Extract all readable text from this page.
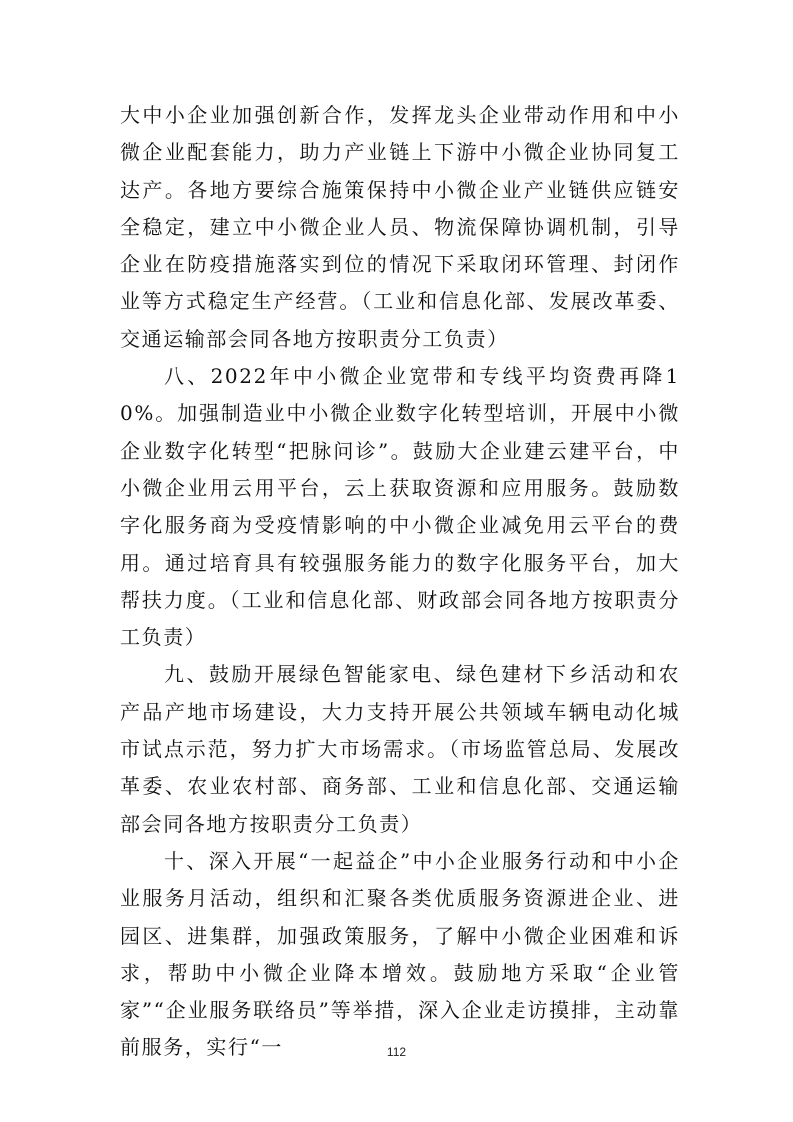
大中小企业加强创新合作，发挥龙头企业带动作用和中小微企业配套能力，助力产业链上下游中小微企业协同复工达产。各地方要综合施策保持中小微企业产业链供应链安全稳定，建立中小微企业人员、物流保障协调机制，引导企业在防疫措施落实到位的情况下采取闭环管理、封闭作业等方式稳定生产经营。（工业和信息化部、发展改革委、交通运输部会同各地方按职责分工负责）

八、2022年中小微企业宽带和专线平均资费再降10%。加强制造业中小微企业数字化转型培训，开展中小微企业数字化转型“把脉问诊”。鼓励大企业建云建平台，中小微企业用云用平台，云上获取资源和应用服务。鼓励数字化服务商为受疫情影响的中小微企业减免用云平台的费用。通过培育具有较强服务能力的数字化服务平台，加大帮扶力度。（工业和信息化部、财政部会同各地方按职责分工负责）

九、鼓励开展绿色智能家电、绿色建材下乡活动和农产品产地市场建设，大力支持开展公共领域车辆电动化城市试点示范，努力扩大市场需求。（市场监管总局、发展改革委、农业农村部、商务部、工业和信息化部、交通运输部会同各地方按职责分工负责）

十、深入开展“一起益企”中小企业服务行动和中小企业服务月活动，组织和汇聚各类优质服务资源进企业、进园区、进集群，加强政策服务，了解中小微企业困难和诉求，帮助中小微企业降本增效。鼓励地方采取“企业管家”“企业服务联络员”等举措，深入企业走访摸排，主动靠前服务，实行“一	112
